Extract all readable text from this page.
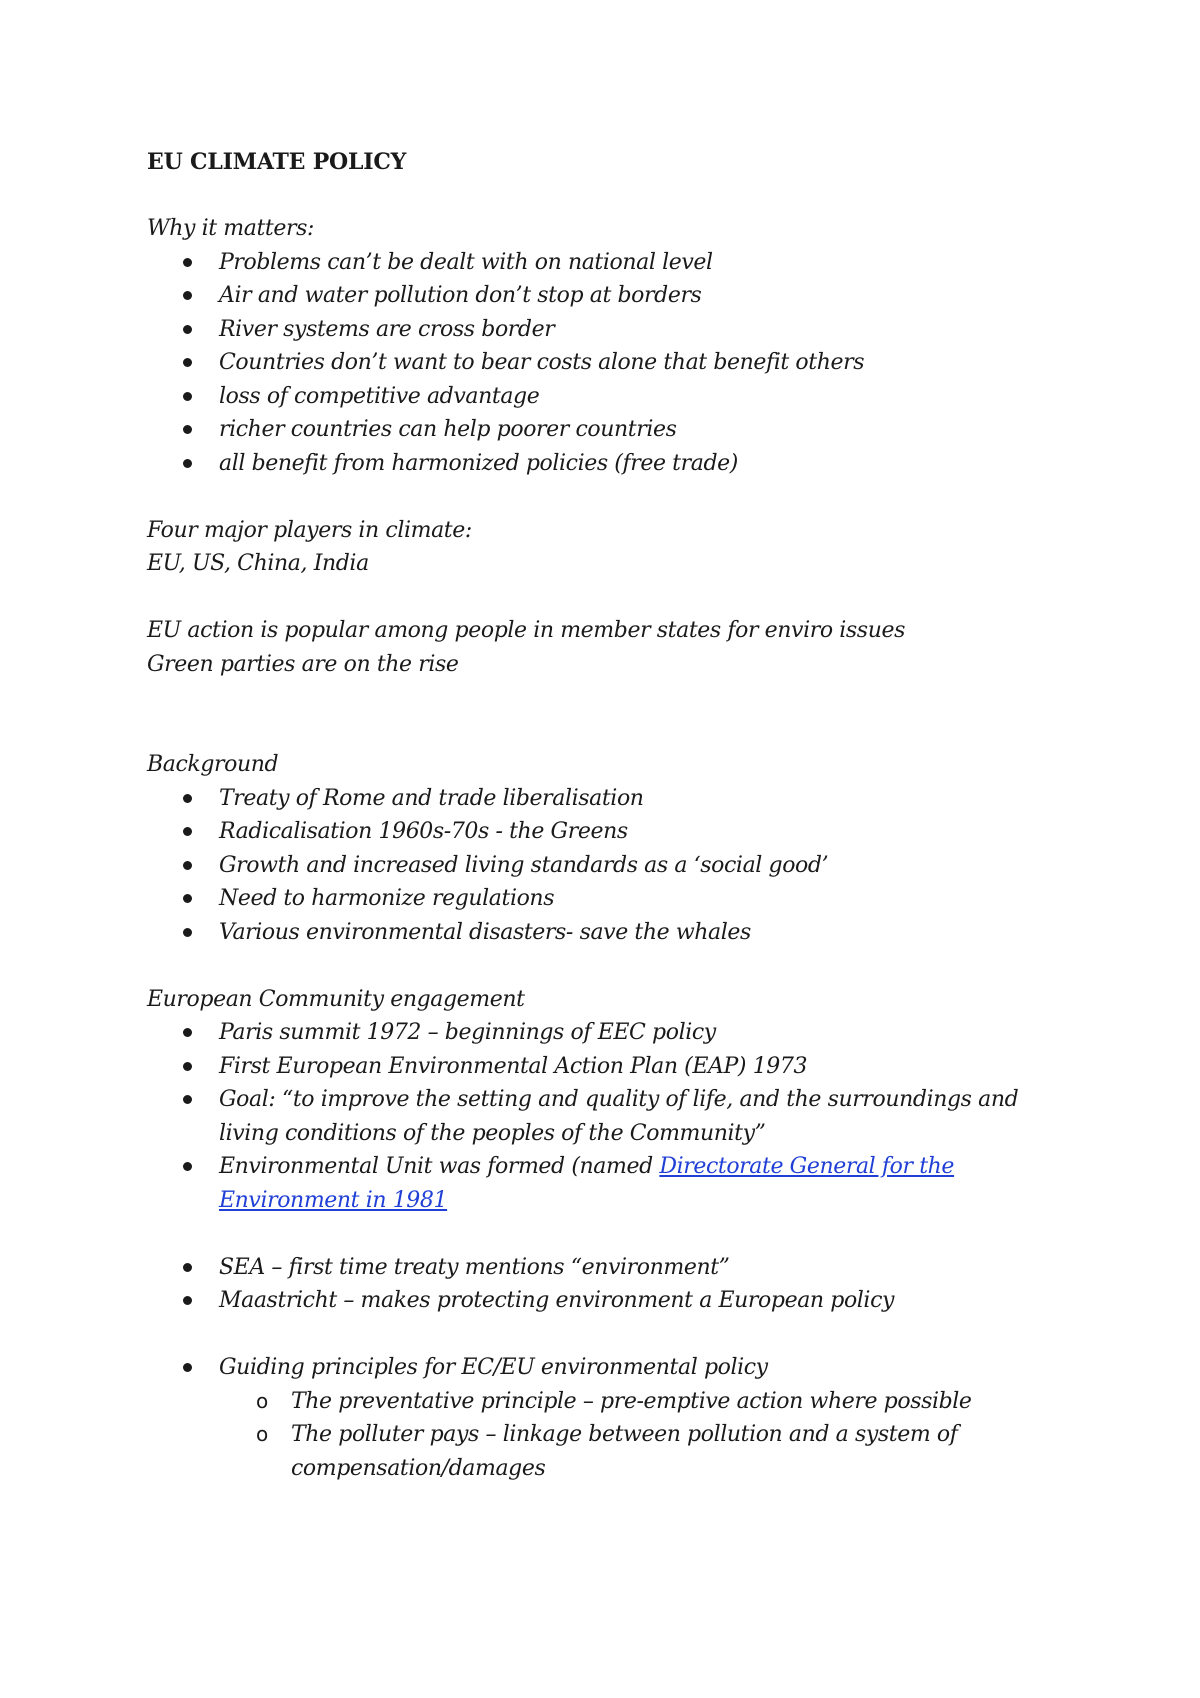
EU CLIMATE POLICY

Why it matters:

Problems can’t be dealt with on national level
Air and water pollution don’t stop at borders
River systems are cross border
Countries don’t want to bear costs alone that benefit others
loss of competitive advantage
richer countries can help poorer countries
all benefit from harmonized policies (free trade)

Four major players in climate:

EU, US, China, India

EU action is popular among people in member states for enviro issues

Green parties are on the rise

Background

Treaty of Rome and trade liberalisation
Radicalisation 1960s-70s - the Greens
Growth and increased living standards as a ‘social good’
Need to harmonize regulations
Various environmental disasters- save the whales

European Community engagement

Paris summit 1972 – beginnings of EEC policy
First European Environmental Action Plan (EAP) 1973
Goal: “to improve the setting and quality of life, and the surroundings and living conditions of the peoples of the Community”
Environmental Unit was formed (named Directorate General for the Environment in 1981
SEA – first time treaty mentions “environment”
Maastricht – makes protecting environment a European policy
Guiding principles for EC/EU environmental policy
o The preventative principle – pre-emptive action where possible
o The polluter pays – linkage between pollution and a system of compensation/damages
